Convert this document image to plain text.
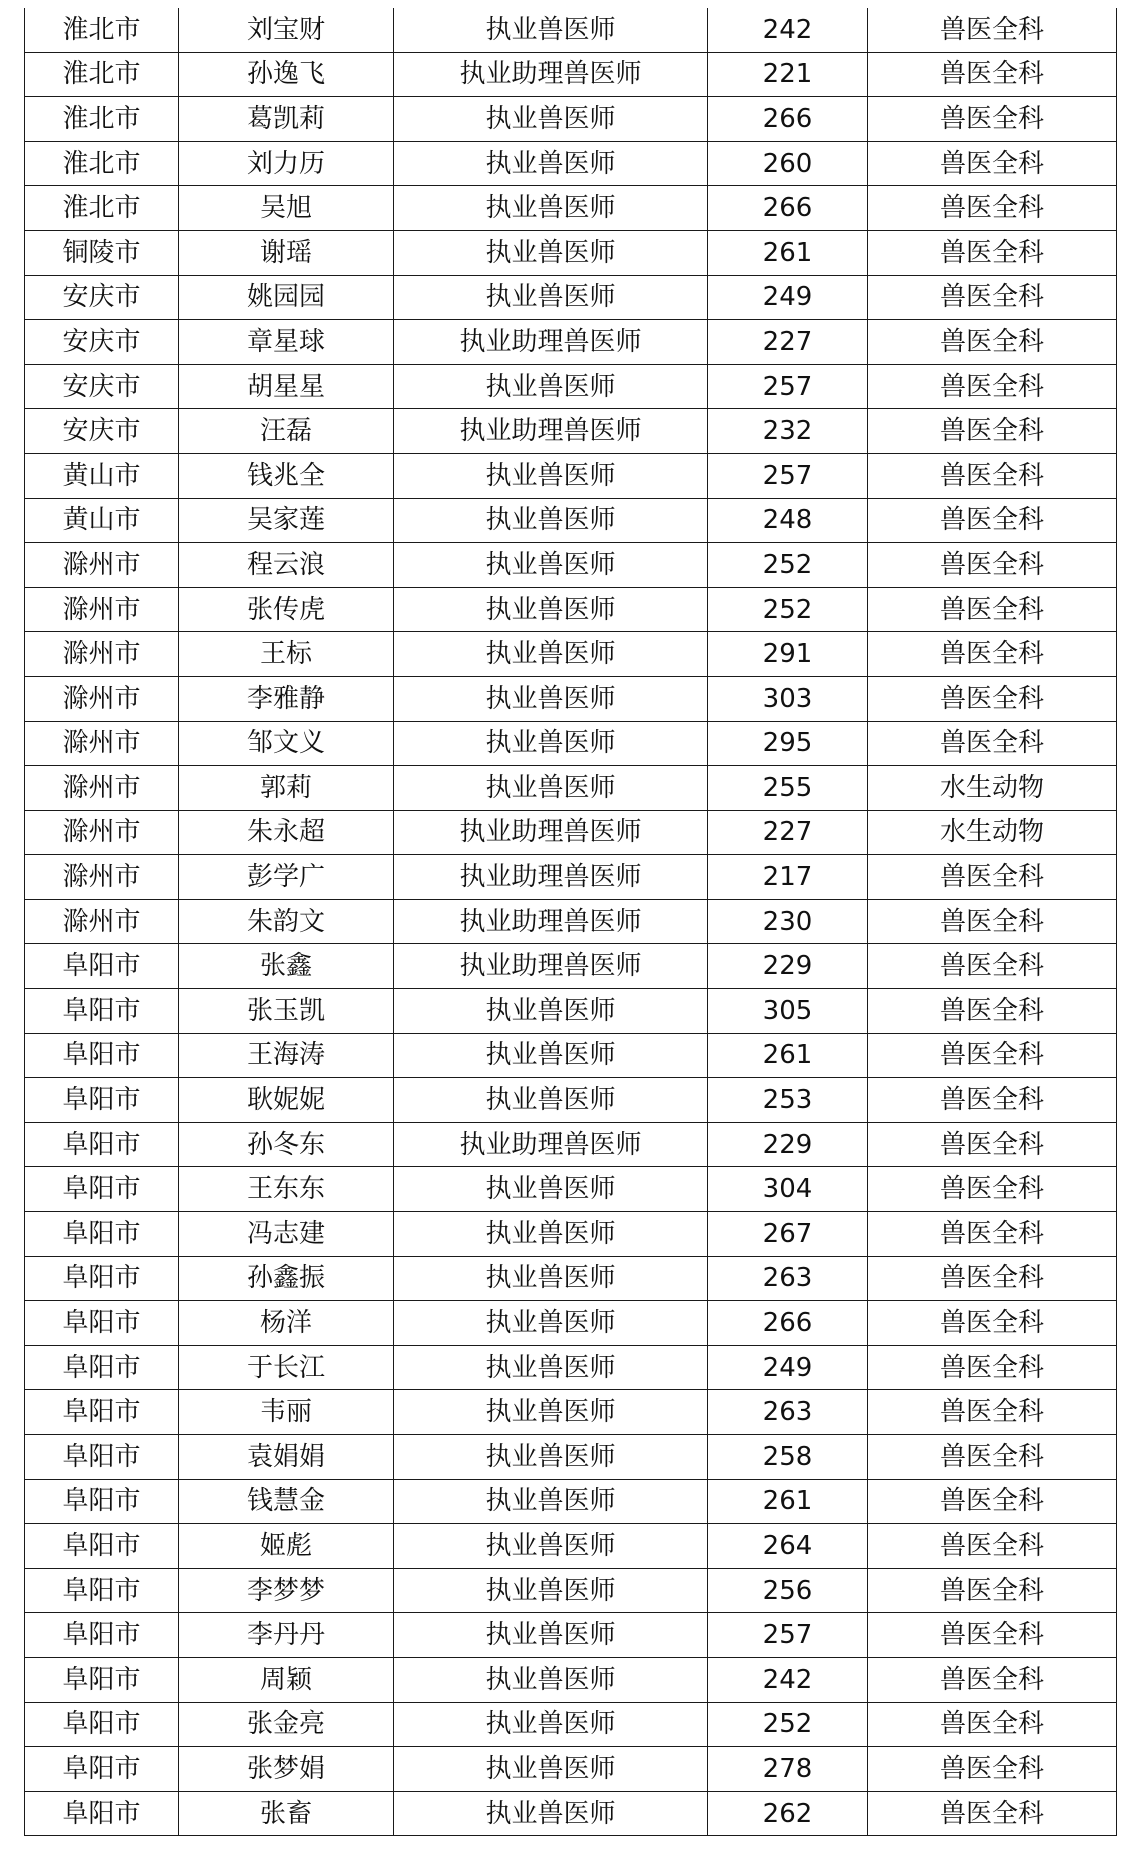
淮北市	刘宝财	执业兽医师	242	兽医全科
淮北市	孙逸飞	执业助理兽医师	221	兽医全科
淮北市	葛凯莉	执业兽医师	266	兽医全科
淮北市	刘力历	执业兽医师	260	兽医全科
淮北市	吴旭	执业兽医师	266	兽医全科
铜陵市	谢瑶	执业兽医师	261	兽医全科
安庆市	姚园园	执业兽医师	249	兽医全科
安庆市	章星球	执业助理兽医师	227	兽医全科
安庆市	胡星星	执业兽医师	257	兽医全科
安庆市	汪磊	执业助理兽医师	232	兽医全科
黄山市	钱兆全	执业兽医师	257	兽医全科
黄山市	吴家莲	执业兽医师	248	兽医全科
滁州市	程云浪	执业兽医师	252	兽医全科
滁州市	张传虎	执业兽医师	252	兽医全科
滁州市	王标	执业兽医师	291	兽医全科
滁州市	李雅静	执业兽医师	303	兽医全科
滁州市	邹文义	执业兽医师	295	兽医全科
滁州市	郭莉	执业兽医师	255	水生动物
滁州市	朱永超	执业助理兽医师	227	水生动物
滁州市	彭学广	执业助理兽医师	217	兽医全科
滁州市	朱韵文	执业助理兽医师	230	兽医全科
阜阳市	张鑫	执业助理兽医师	229	兽医全科
阜阳市	张玉凯	执业兽医师	305	兽医全科
阜阳市	王海涛	执业兽医师	261	兽医全科
阜阳市	耿妮妮	执业兽医师	253	兽医全科
阜阳市	孙冬东	执业助理兽医师	229	兽医全科
阜阳市	王东东	执业兽医师	304	兽医全科
阜阳市	冯志建	执业兽医师	267	兽医全科
阜阳市	孙鑫振	执业兽医师	263	兽医全科
阜阳市	杨洋	执业兽医师	266	兽医全科
阜阳市	于长江	执业兽医师	249	兽医全科
阜阳市	韦丽	执业兽医师	263	兽医全科
阜阳市	袁娟娟	执业兽医师	258	兽医全科
阜阳市	钱慧金	执业兽医师	261	兽医全科
阜阳市	姬彪	执业兽医师	264	兽医全科
阜阳市	李梦梦	执业兽医师	256	兽医全科
阜阳市	李丹丹	执业兽医师	257	兽医全科
阜阳市	周颖	执业兽医师	242	兽医全科
阜阳市	张金亮	执业兽医师	252	兽医全科
阜阳市	张梦娟	执业兽医师	278	兽医全科
阜阳市	张畜	执业兽医师	262	兽医全科
